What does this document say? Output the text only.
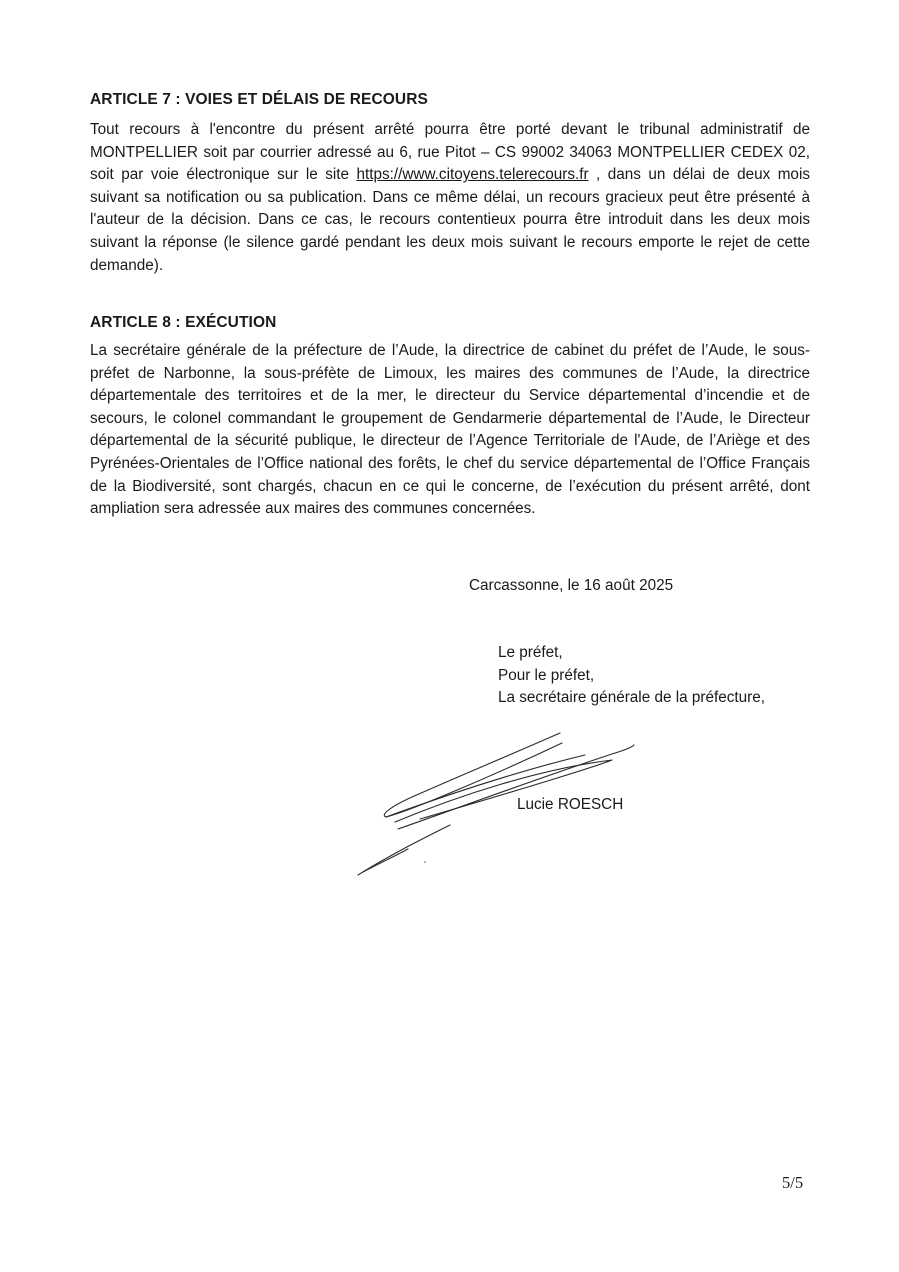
ARTICLE 7 : VOIES ET DÉLAIS DE RECOURS
Tout recours à l'encontre du présent arrêté pourra être porté devant le tribunal administratif de MONTPELLIER soit par courrier adressé au 6, rue Pitot – CS 99002 34063 MONTPELLIER CEDEX 02, soit par voie électronique sur le site https://www.citoyens.telerecours.fr , dans un délai de deux mois suivant sa notification ou sa publication. Dans ce même délai, un recours gracieux peut être présenté à l'auteur de la décision. Dans ce cas, le recours contentieux pourra être introduit dans les deux mois suivant la réponse (le silence gardé pendant les deux mois suivant le recours emporte le rejet de cette demande).
ARTICLE 8 : EXÉCUTION
La secrétaire générale de la préfecture de l’Aude, la directrice de cabinet du préfet de l’Aude, le sous-préfet de Narbonne, la sous-préfète de Limoux, les maires des communes de l’Aude, la directrice départementale des territoires et de la mer, le directeur du Service départemental d’incendie et de secours, le colonel commandant le groupement de Gendarmerie départemental de l’Aude, le Directeur départemental de la sécurité publique, le directeur de l’Agence Territoriale de l'Aude, de l’Ariège et des Pyrénées-Orientales de l’Office national des forêts, le chef du service départemental de l’Office Français de la Biodiversité, sont chargés, chacun en ce qui le concerne, de l’exécution du présent arrêté, dont ampliation sera adressée aux maires des communes concernées.
Carcassonne, le 16 août 2025
Le préfet,
Pour le préfet,
La secrétaire générale de la préfecture,
Lucie ROESCH
5/5
